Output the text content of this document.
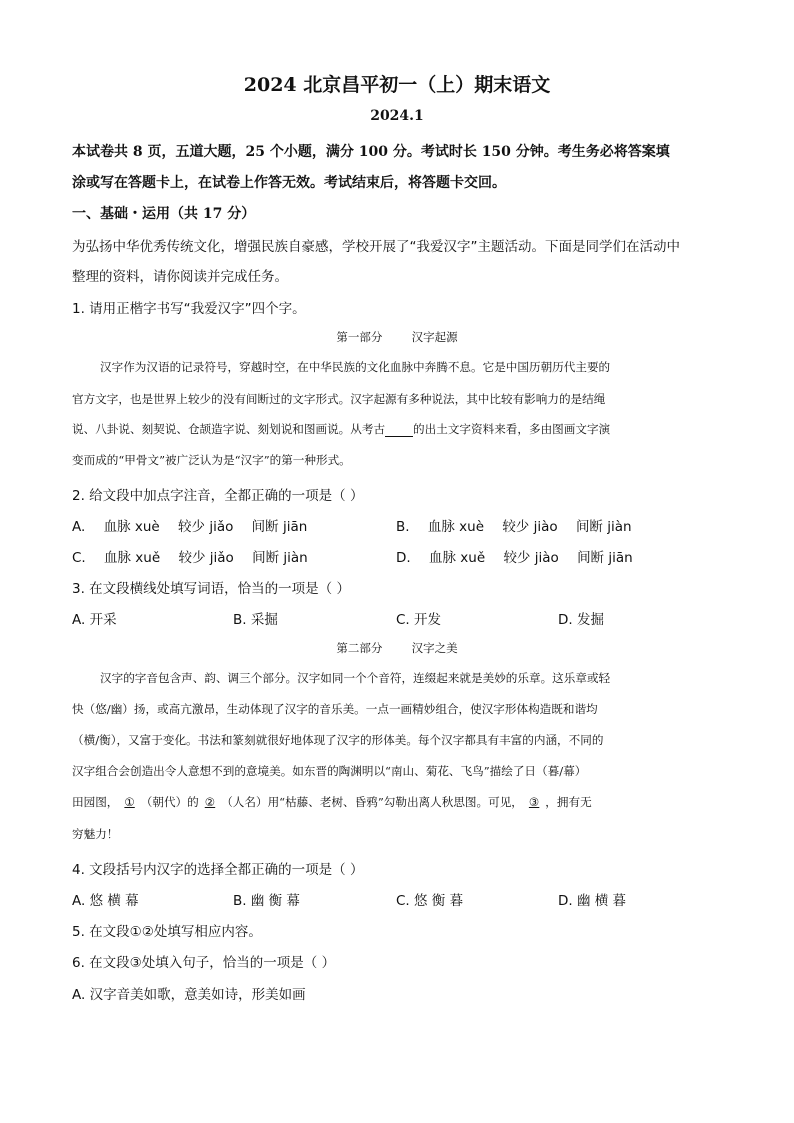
2024 北京昌平初一（上）期末语文
2024.1
本试卷共 8 页，五道大题，25 个小题，满分 100 分。考试时长 150 分钟。考生务必将答案填
涂或写在答题卡上，在试卷上作答无效。考试结束后，将答题卡交回。
一、基础・运用（共 17 分）
为弘扬中华优秀传统文化，增强民族自豪感，学校开展了“我爱汉字”主题活动。下面是同学们在活动中
整理的资料，请你阅读并完成任务。
1. 请用正楷字书写“我爱汉字”四个字。
第一部分	汉字起源
汉字作为汉语的记录符号，穿越时空，在中华民族的文化血脉中奔腾不息。它是中国历朝历代主要的
官方文字，也是世界上较少的没有间断过的文字形式。汉字起源有多种说法，其中比较有影响力的是结绳
说、八卦说、刻契说、仓颉造字说、刻划说和图画说。从考古 的出土文字资料来看，多由图画文字演
变而成的“甲骨文”被广泛认为是“汉字”的第一种形式。
2. 给文段中加点字注音，全都正确的一项是（ ）
A. 血脉 xuè 较少 jiǎo 间断 jiān	B. 血脉 xuè 较少 jiào 间断 jiàn
C. 血脉 xuě 较少 jiǎo 间断 jiàn	D. 血脉 xuě 较少 jiào 间断 jiān
3. 在文段横线处填写词语，恰当的一项是（ ）
A. 开采	B. 采掘	C. 开发	D. 发掘
第二部分	汉字之美
汉字的字音包含声、韵、调三个部分。汉字如同一个个音符，连缀起来就是美妙的乐章。这乐章或轻
快（悠/幽）扬，或高亢激昂，生动体现了汉字的音乐美。一点一画精妙组合，使汉字形体构造既和谐均
（横/衡），又富于变化。书法和篆刻就很好地体现了汉字的形体美。每个汉字都具有丰富的内涵，不同的
汉字组合会创造出令人意想不到的意境美。如东晋的陶渊明以“南山、菊花、飞鸟”描绘了日（暮/幕）
田园图， ① （朝代）的 ② （人名）用“枯藤、老树、昏鸦”勾勒出离人秋思图。可见， ③ ，拥有无
穷魅力！
4. 文段括号内汉字的选择全都正确的一项是（ ）
A. 悠 横 幕	B. 幽 衡 幕	C. 悠 衡 暮	D. 幽 横 暮
5. 在文段①②处填写相应内容。
6. 在文段③处填入句子，恰当的一项是（ ）
A. 汉字音美如歌，意美如诗，形美如画
